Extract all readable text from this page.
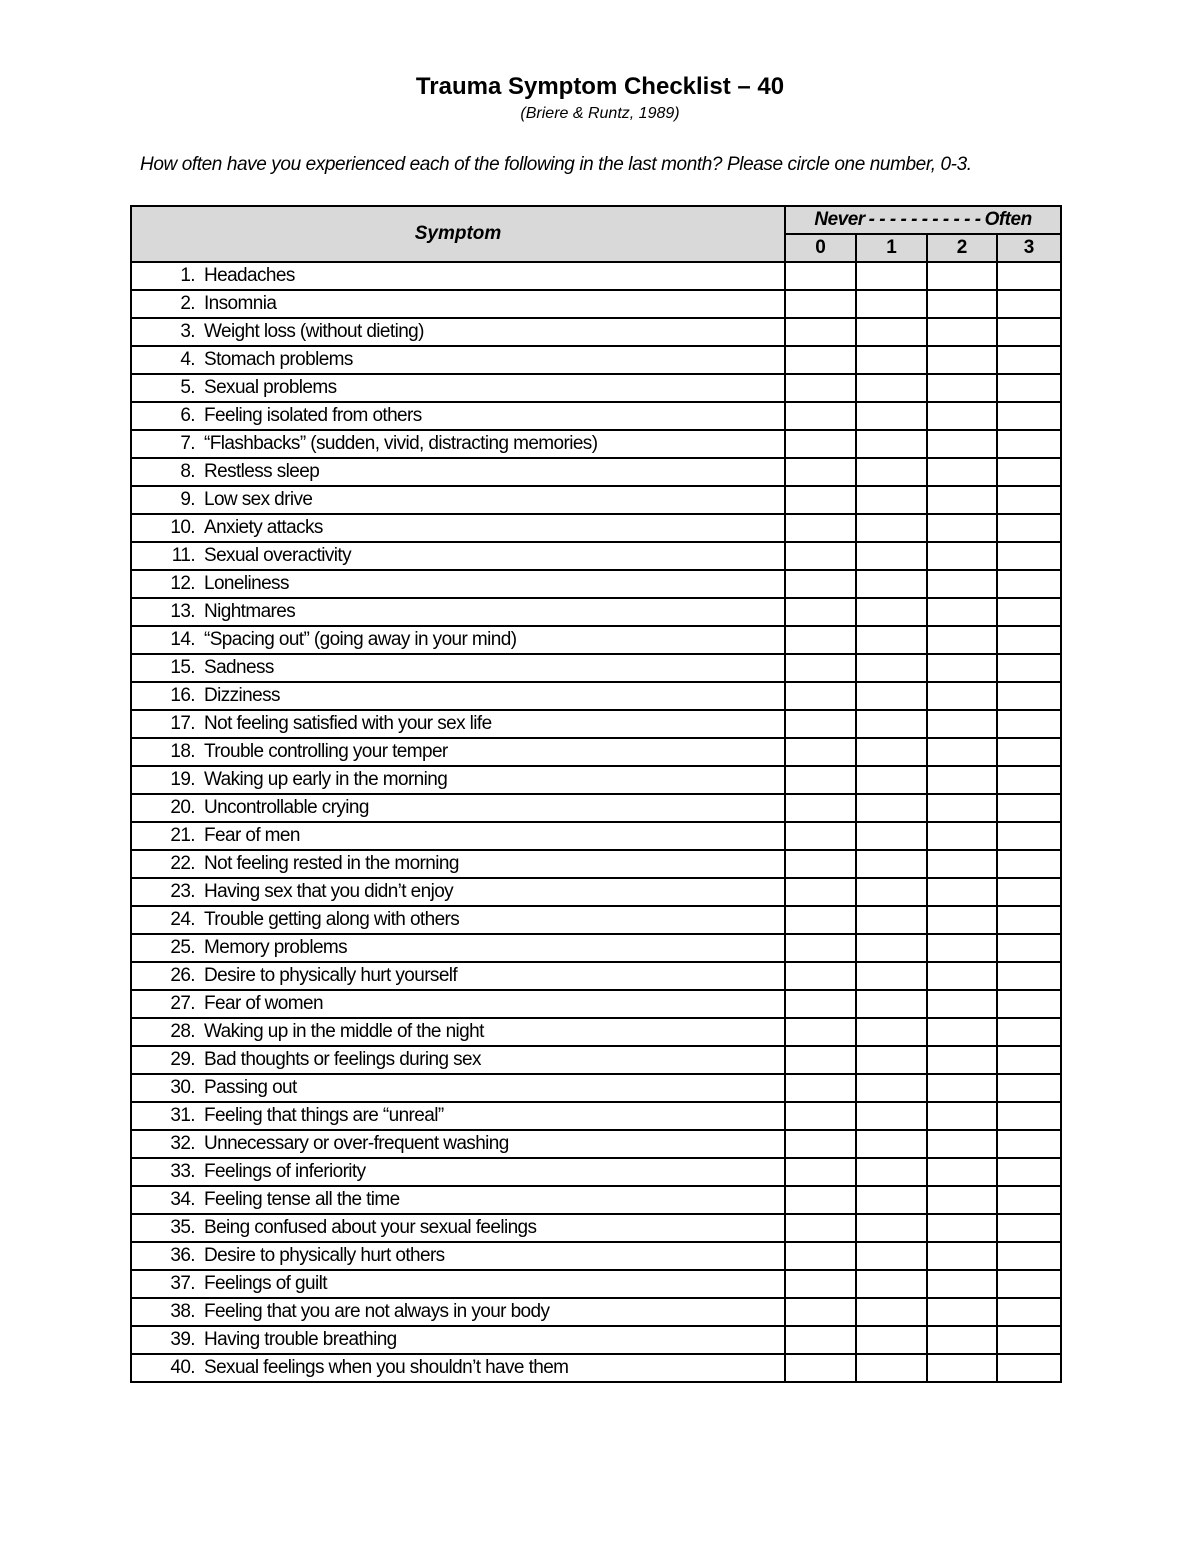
Trauma Symptom Checklist – 40
(Briere & Runtz, 1989)
How often have you experienced each of the following in the last month? Please circle one number, 0-3.
Symptom	Never - - - - - - - - - - - Often			
	0	1	2	3
1. Headaches				
2. Insomnia				
3. Weight loss (without dieting)				
4. Stomach problems				
5. Sexual problems				
6. Feeling isolated from others				
7. “Flashbacks” (sudden, vivid, distracting memories)				
8. Restless sleep				
9. Low sex drive				
10. Anxiety attacks				
11. Sexual overactivity				
12. Loneliness				
13. Nightmares				
14. “Spacing out” (going away in your mind)				
15. Sadness				
16. Dizziness				
17. Not feeling satisfied with your sex life				
18. Trouble controlling your temper				
19. Waking up early in the morning				
20. Uncontrollable crying				
21. Fear of men				
22. Not feeling rested in the morning				
23. Having sex that you didn’t enjoy				
24. Trouble getting along with others				
25. Memory problems				
26. Desire to physically hurt yourself				
27. Fear of women				
28. Waking up in the middle of the night				
29. Bad thoughts or feelings during sex				
30. Passing out				
31. Feeling that things are “unreal”				
32. Unnecessary or over-frequent washing				
33. Feelings of inferiority				
34. Feeling tense all the time				
35. Being confused about your sexual feelings				
36. Desire to physically hurt others				
37. Feelings of guilt				
38. Feeling that you are not always in your body				
39. Having trouble breathing				
40. Sexual feelings when you shouldn’t have them				
